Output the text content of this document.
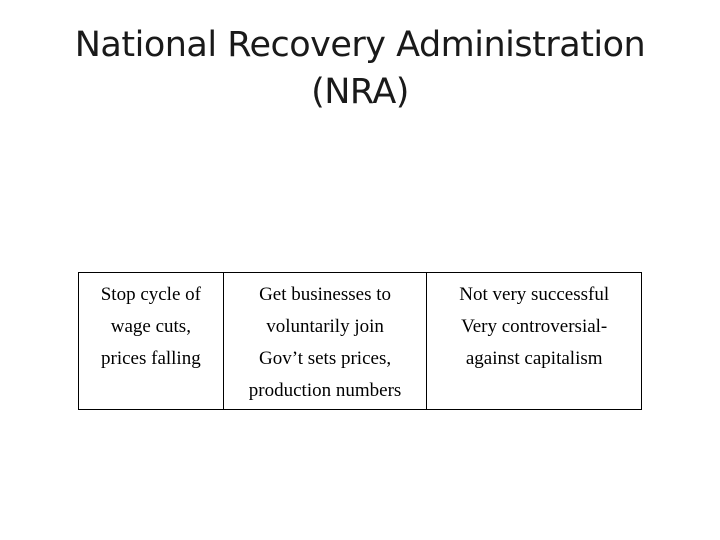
National Recovery Administration
(NRA)
Stop cycle of
wage cuts,
prices falling

Get businesses to
voluntarily join
Gov’t sets prices,
production numbers

Not very successful
Very controversial-
against capitalism
